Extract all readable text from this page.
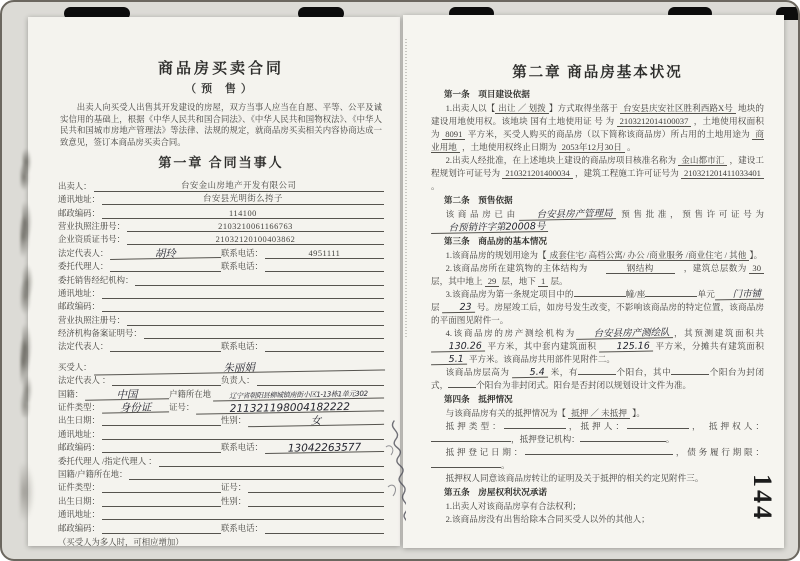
商品房买卖合同
（预 售）

出卖人向买受人出售其开发建设的房屋，双方当事人应当在自愿、平等、公平及诚实信用的基础上，根据《中华人民共和国合同法》、《中华人民共和国物权法》、《中华人民共和国城市房地产管理法》等法律、法规的规定，就商品房买卖相关内容协商达成一致意见，签订本商品房买卖合同。

第一章 合同当事人
出卖人：	台安金山房地产开发有限公司
通讯地址：	台安县光明街么挎子
邮政编码：	114100
营业执照注册号：	2103210061166763
企业资质证书号：	21032120100403862
法定代表人：	胡玲	联系电话：	4951111
委托代理人：	联系电话：
委托销售经纪机构：
通讯地址：
邮政编码：
营业执照注册号：
经济机构备案证明号：
法定代表人：	联系电话：
买受人：	朱丽娟
法定代表人 ：	负责人：
国籍：	中国	户籍所在地	辽宁省朝阳县柳城镇南街小区1-13栋1单元302
证件类型：	身份证	证号：	211321198004182222
出生日期：	性别：	女
通讯地址：
邮政编码：	联系电话：	13042263577
委托代理人 /指定代理人 ：
国籍/户籍所在地：
证件类型：	证号：
出生日期：	性别：
通讯地址：
邮政编码：	联系电话：
（买受人为多人时，可相应增加）
第二章 商品房基本状况
第一条　项目建设依据
1.出卖人以【 出让 ／ 划拨 】方式取得坐落于 台安县庆安社区胜利西路X号 地块的建设用地使用权。该地块 国有土地使用证 号 为 2103212014100037 ，土地使用权面积为 8091 平方米，买受人购买的商品房（以下简称该商品房）所占用的土地用途为 商业用地 ，土地使用权终止日期为 2053年12月30日 。
2.出卖人经批准，在上述地块上建设的商品房项目核准名称为 金山都市汇 ，建设工程规划许可证号为 210321201400034 ，建筑工程施工许可证号为 210321201411033401 。
第二条　预售依据
该商品房已由 台安县房产管理局 预售批准，预售许可证号为台预销许字第20008号
第三条　商品房的基本情况
1.该商品房的规划用途为【 成套住宅/ 高档公寓/ 办公 /商业服务 /商业住宅 / 其他 】。
2.该商品房所在建筑物的主体结构为　　　　钢结构　　　，建筑总层数为 30 层，其中地上 29 层，地下 1 层。
3.该商品房为第一条规定项目中的	幢/座	单元 门市铺层 23 号。房屋竣工后，如房号发生改变，不影响该商品房的特定位置，该商品房的平面图见附件一。
4.该商品房的房产测绘机构为 台安县房产测绘队 ，其预测建筑面积共 130.26 平方米，其中套内建筑面积 125.16 平方米，分摊共有建筑面积 5.1 平方米。该商品房共用部件见附件二。
该商品房层高为 5.4 米，有	个阳台，其中	个阳台为封闭式，	个阳台为非封闭式。阳台是否封闭以规划设计文件为准。
第四条　抵押情况
与该商品房有关的抵押情况为【 抵押 ／ 未抵押 】。
抵押类型：	，抵押人：	， 抵押权人：，抵押登记机构：	。
抵押登记日期：	，债务履行期限：。
抵押权人同意该商品房转让的证明及关于抵押的相关约定见附件三。
第五条　房屋权利状况承诺
1.出卖人对该商品房享有合法权利；
2.该商品房没有出售给除本合同买受人以外的其他人；	144
